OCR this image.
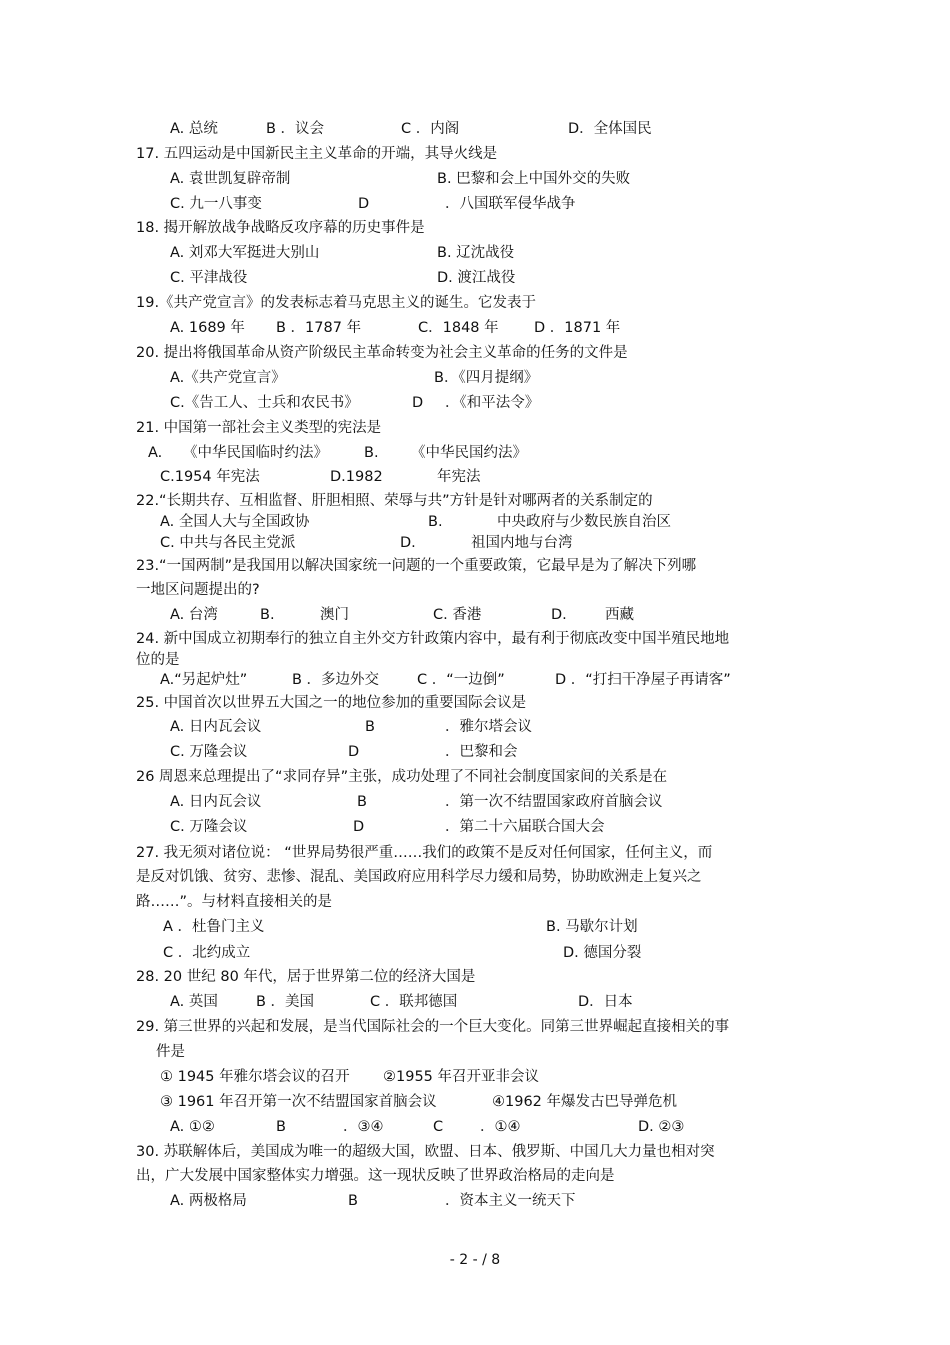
A. 总统	B ．议会	C ．内阁	D．全体国民
17. 五四运动是中国新民主主义革命的开端，其导火线是
A. 袁世凯复辟帝制	B. 巴黎和会上中国外交的失败
C. 九一八事变	D	．八国联军侵华战争
18. 揭开解放战争战略反攻序幕的历史事件是
A. 刘邓大军挺进大别山	B. 辽沈战役
C. 平津战役	D. 渡江战役
19.《共产党宣言》的发表标志着马克思主义的诞生。它发表于
A. 1689 年 B ．1787 年	C．1848 年 D ．1871 年
20. 提出将俄国革命从资产阶级民主革命转变为社会主义革命的任务的文件是
A.《共产党宣言》	B．《四月提纲》
C.《告工人、士兵和农民书》	D ．《和平法令》
21. 中国第一部社会主义类型的宪法是
A. 《中华民国临时约法》 B. 《中华民国约法》
C.1954 年宪法	D.1982	年宪法
22.“长期共存、互相监督、肝胆相照、荣辱与共”方针是针对哪两者的关系制定的
A. 全国人大与全国政协	B.	中央政府与少数民族自治区
C. 中共与各民主党派	D.	祖国内地与台湾
23.“一国两制”是我国用以解决国家统一问题的一个重要政策，它最早是为了解决下列哪
一地区问题提出的?
A. 台湾	B.	澳门	C. 香港	D.	西藏
24. 新中国成立初期奉行的独立自主外交方针政策内容中，最有利于彻底改变中国半殖民地地
位的是
A.“另起炉灶”	B ．多边外交	C ．“一边倒”	D ．“打扫干净屋子再请客”
25. 中国首次以世界五大国之一的地位参加的重要国际会议是
A. 日内瓦会议	B	．雅尔塔会议
C. 万隆会议	D	．巴黎和会
26 周恩来总理提出了“求同存异”主张，成功处理了不同社会制度国家间的关系是在
A. 日内瓦会议	B	．第一次不结盟国家政府首脑会议
C. 万隆会议	D	．第二十六届联合国大会
27. 我无须对诸位说： “世界局势很严重……我们的政策不是反对任何国家，任何主义，而
是反对饥饿、贫穷、悲惨、混乱、美国政府应用科学尽力缓和局势，协助欧洲走上复兴之
路……”。与材料直接相关的是
A ．杜鲁门主义	B. 马歇尔计划
C ．北约成立	D. 德国分裂
28. 20 世纪 80 年代，居于世界第二位的经济大国是
A. 英国	B ．美国	C ．联邦德国	D．日本
29. 第三世界的兴起和发展，是当代国际社会的一个巨大变化。同第三世界崛起直接相关的事
件是
① 1945 年雅尔塔会议的召开 ②1955 年召开亚非会议
③ 1961 年召开第一次不结盟国家首脑会议	④1962 年爆发古巴导弹危机
A. ①②	B	．③④	C	．①④	D. ②③
30. 苏联解体后，美国成为唯一的超级大国，欧盟、日本、俄罗斯、中国几大力量也相对突
出，广大发展中国家整体实力增强。这一现状反映了世界政治格局的走向是
A. 两极格局	B	．资本主义一统天下
- 2 - / 8
